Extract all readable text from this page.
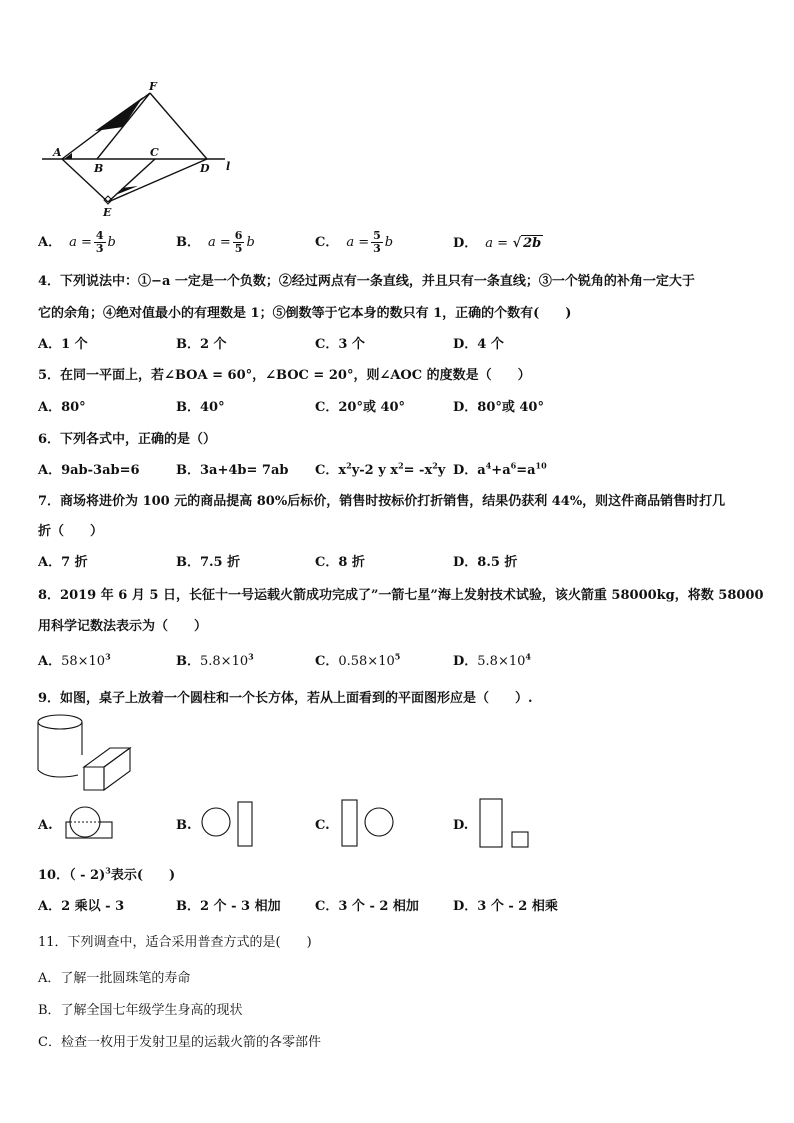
F
A
B
C
D l
E
A． $a = \frac{4}{3}$ b	B． $a = \frac{6}{5}$ b	C． $a = \frac{5}{3}$ b	D． a = √ 2b
4．下列说法中：①−a 一定是一个负数；②经过两点有一条直线，并且只有一条直线；③一个锐角的补角一定大于
它的余角；④绝对值最小的有理数是 1；⑤倒数等于它本身的数只有 1，正确的个数有(　　)
A．1 个	B．2 个	C．3 个	D．4 个
5．在同一平面上，若∠BOA = 60°，∠BOC = 20°，则∠AOC 的度数是（　　）
A．80°	B．40°	C．20°或 40°	D．80°或 40°
6．下列各式中，正确的是（）
A．9ab-3ab=6	B．3a+4b= 7ab C．$x^2y-2$ y $x^2= -x^2y$ D．$a^4+a^6=a^{10}$
7．商场将进价为 100 元的商品提高 80%后标价，销售时按标价打折销售，结果仍获利 44%，则这件商品销售时打几
折（　　）
A．7 折	B．7.5 折	C．8 折	D．8.5 折
8．2019 年 6 月 5 日，长征十一号运载火箭成功完成了”一箭七星”海上发射技术试验，该火箭重 58000kg，将数 58000
用科学记数法表示为（　　）
A．$58\times 10^3$	B．$5.8\times 10^3$	C．$0.58\times 10^5$	D．$5.8\times 10^4$
9．如图，桌子上放着一个圆柱和一个长方体，若从上面看到的平面图形应是（　　）.
A.	B.	C.	D.
10．（ - 2)$^3$表示(　　)
A．2 乘以 - 3	B．2 个 - 3 相加	C．3 个 - 2 相加	D．3 个 - 2 相乘
11．下列调查中，适合采用普查方式的是(　　)
A．了解一批圆珠笔的寿命
B．了解全国七年级学生身高的现状
C．检查一枚用于发射卫星的运载火箭的各零部件
